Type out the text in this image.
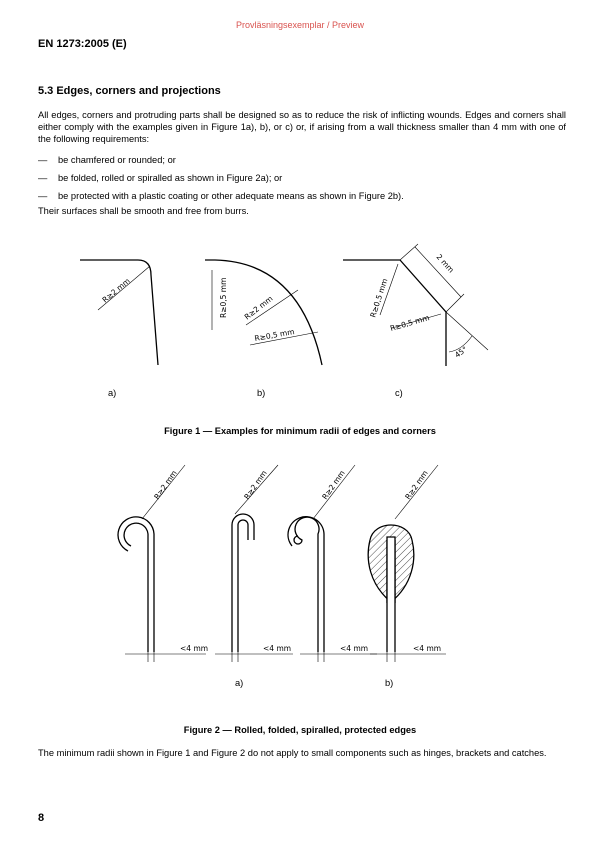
Provläsningsexemplar / Preview
EN 1273:2005 (E)
5.3 Edges, corners and projections
All edges, corners and protruding parts shall be designed so as to reduce the risk of inflicting wounds. Edges and corners shall either comply with the examples given in Figure 1a), b), or c) or, if arising from a wall thickness smaller than 4 mm with one of the following requirements:
— be chamfered or rounded; or
— be folded, rolled or spiralled as shown in Figure 2a); or
— be protected with a plastic coating or other adequate means as shown in Figure 2b).
Their surfaces shall be smooth and free from burrs.
R≥2 mm	R≥0,5 mm R≥2 mm
R≥0,5 mm
2 mm
R≥0,5 mm
R≥0,5 mm
45°
R≥2 mm	R≥2 mm	R≥2 mm	R≥2 mm
<4 mm	<4 mm	<4 mm	<4 mm
a)	b)	c)
Figure 1 — Examples for minimum radii of edges and corners
a)	b)
Figure 2 — Rolled, folded, spiralled, protected edges
The minimum radii shown in Figure 1 and Figure 2 do not apply to small components such as hinges, brackets and catches.
8
